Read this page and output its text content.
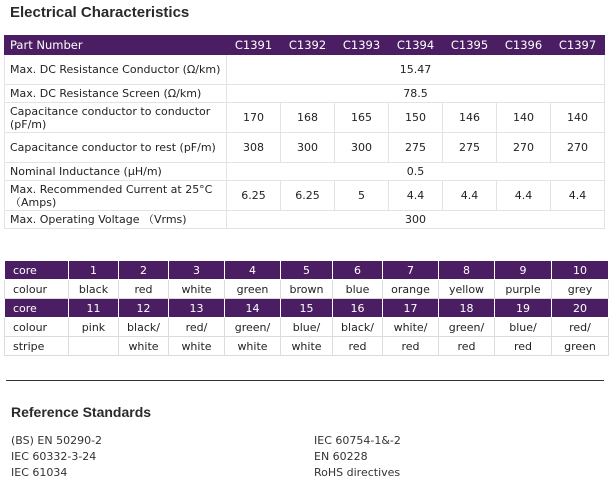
Electrical Characteristics
Part Number	C1391	C1392	C1393	C1394	C1395	C1396	C1397
Max. DC Resistance Conductor (Ω/km)	15.47						
Max. DC Resistance Screen (Ω/km)	78.5						
Capacitance conductor to conductor (pF/m)	170	168	165	150	146	140	140
Capacitance conductor to rest (pF/m)	308	300	300	275	275	270	270
Nominal Inductance (µH/m)	0.5						
Max. Recommended Current at 25°C（Amps)	6.25	6.25	5	4.4	4.4	4.4	4.4
Max. Operating Voltage （Vrms)	300						
core	1	2	3	4	5	6	7	8	9	10
colour	black	red	white	green	brown	blue	orange	yellow	purple	grey
core	11	12	13	14	15	16	17	18	19	20
colour	pink	black/	red/	green/	blue/	black/	white/	green/	blue/	red/
stripe		white	white	white	white	red	red	red	red	green
Reference Standards
(BS) EN 50290-2
IEC 60332-3-24
IEC 61034
IEC 60754-1&-2
EN 60228
RoHS directives
